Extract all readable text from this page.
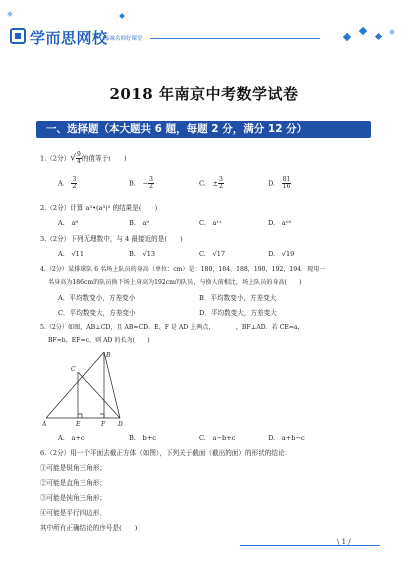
学而思网校
品味名师好课堂
2018 年南京中考数学试卷
一、选择题（本大题共 6 题，每题 2 分，满分 12 分）
1.（2分）√ $\frac{9}{4}$ 的值等于(　　)
A.　 $\frac{3}{2}$	B.　 − $\frac{3}{2}$	C.　 ± $\frac{3}{2}$	D.　 $\frac{81}{16}$
2.（2分）计算 a³•(a³)² 的结果是(　　)
A.　a⁸	B.　a⁹	C.　a¹¹	D.　a¹⁸
3.（2分）下列无理数中，与 4 最接近的是(　　)
A.　√11	B.　√13	C.　√17	D.　√19
4.（2分）某排球队 6 名场上队员的身高（单位：cm）是：180，184，188，190，192，194．现用一
名身高为186cm的队员换下场上身高为192cm的队员，与换人前相比，场上队员的身高(　　)
A．平均数变小，方差变小	B．平均数变小，方差变大
C．平均数变大，方差变小	D．平均数变大，方差变大
5.（2分）如图，AB⊥CD，且 AB=CD．E、F 是 AD 上两点，　　　　，BF⊥AD．若 CE=a，
BF=b，EF=c，则 AD 的长为(　　)
A
B
C
D
E	F
A.　a+c	B.　b+c	C.　a−b+c	D.　a+b−c
6.（2分）用一个平面去截正方体（如图），下列关于截面（截出的面）的形状的结论：
①可能是锐角三角形；
②可能是直角三角形；
③可能是钝角三角形；
④可能是平行四边形．
其中所有正确结论的序号是(　　)
\ 1 /
